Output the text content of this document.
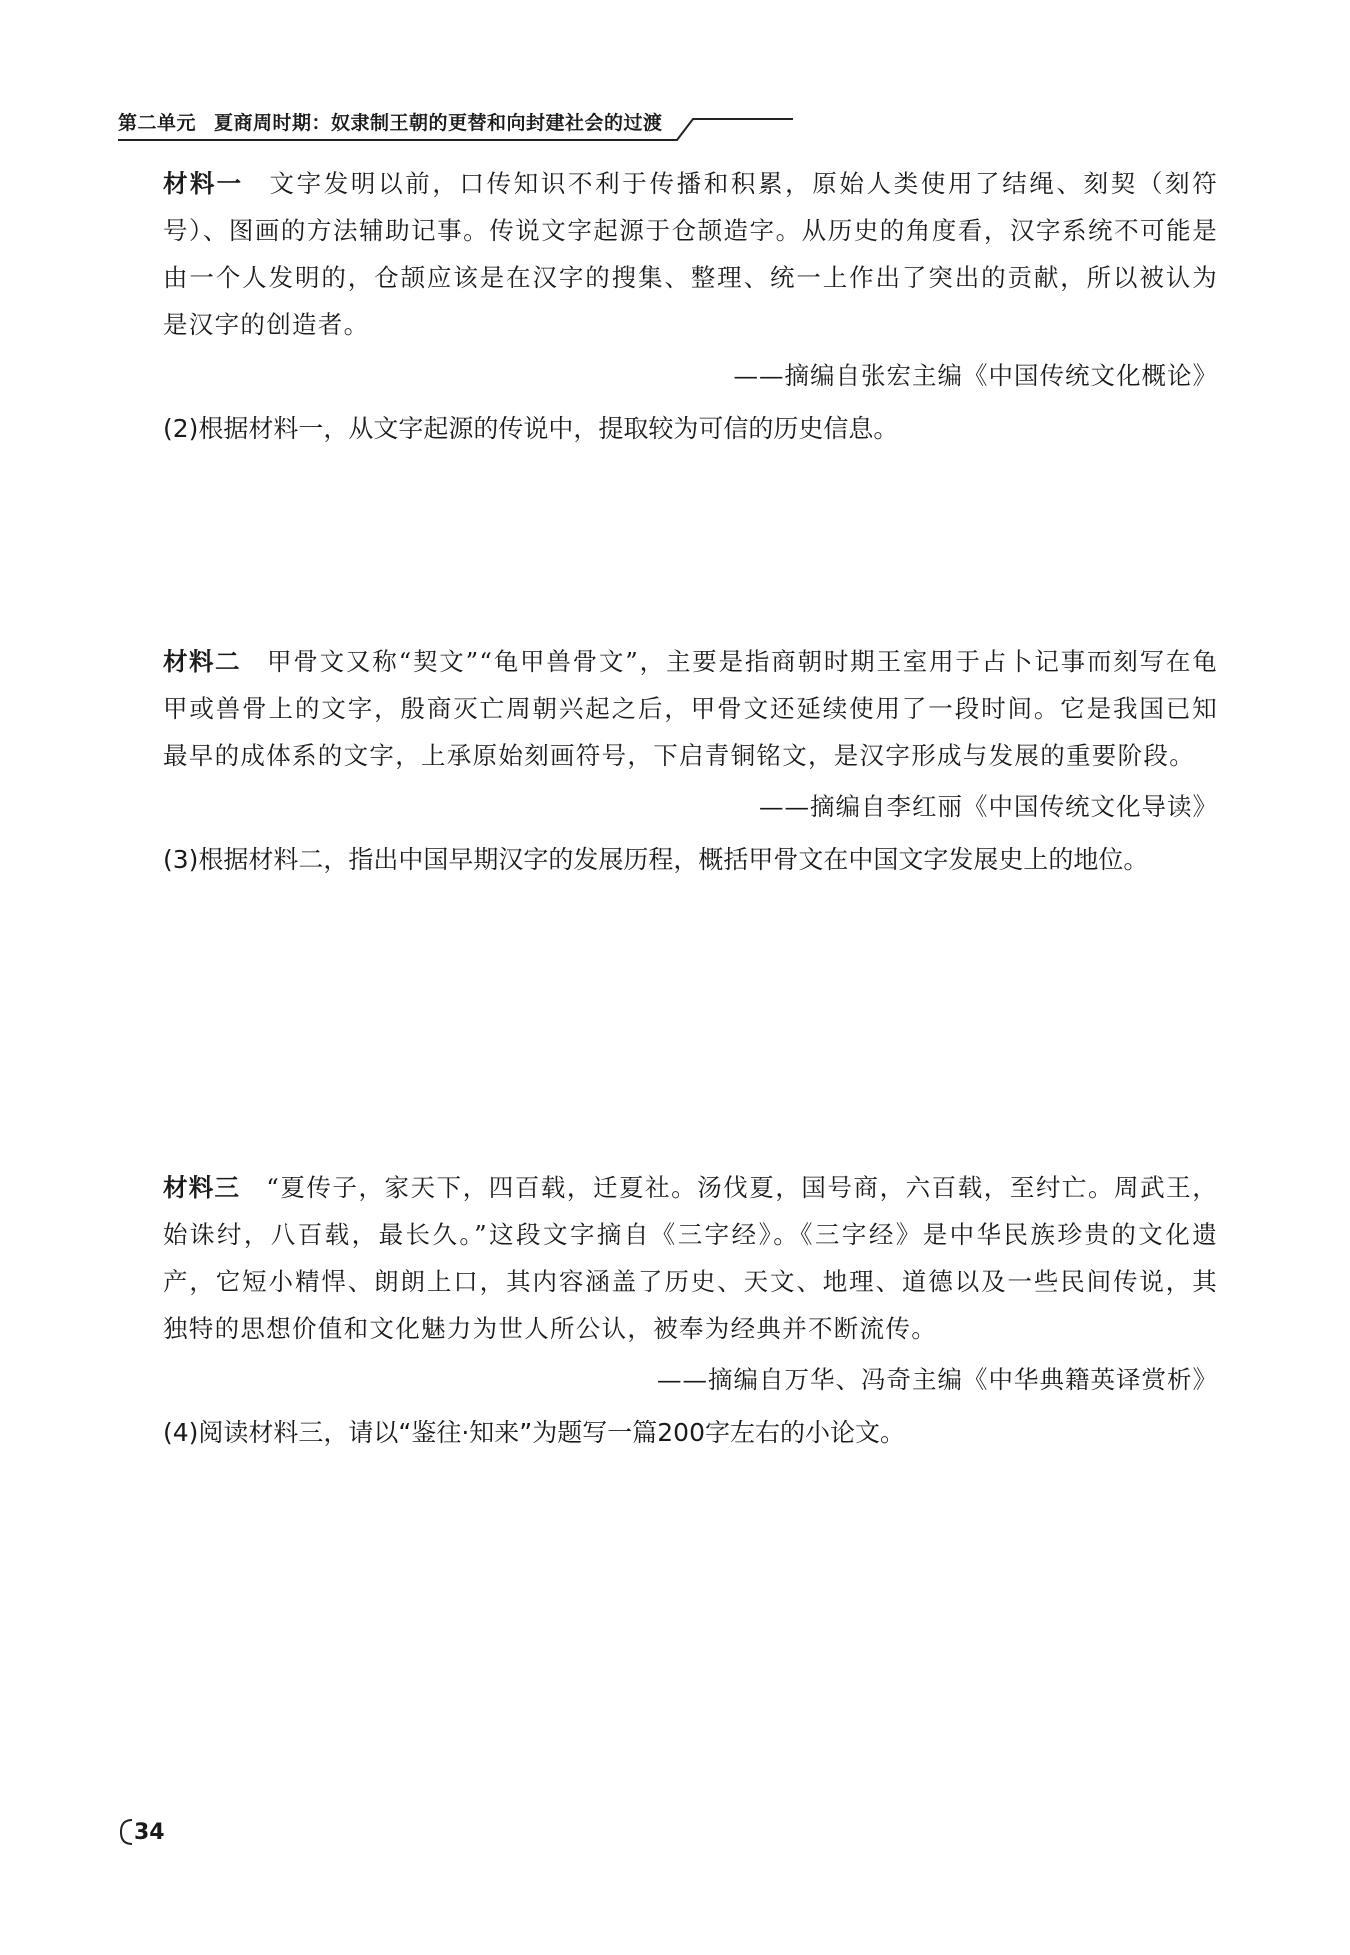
第二单元 夏商周时期：奴隶制王朝的更替和向封建社会的过渡

材料一 文字发明以前，口传知识不利于传播和积累，原始人类使用了结绳、刻契（刻符号）、图画的方法辅助记事。传说文字起源于仓颉造字。从历史的角度看，汉字系统不可能是由一个人发明的，仓颉应该是在汉字的搜集、整理、统一上作出了突出的贡献，所以被认为是汉字的创造者。

——摘编自张宏主编《中国传统文化概论》

(2)根据材料一，从文字起源的传说中，提取较为可信的历史信息。

材料二 甲骨文又称“契文”“龟甲兽骨文”，主要是指商朝时期王室用于占卜记事而刻写在龟甲或兽骨上的文字，殷商灭亡周朝兴起之后，甲骨文还延续使用了一段时间。它是我国已知最早的成体系的文字，上承原始刻画符号，下启青铜铭文，是汉字形成与发展的重要阶段。

——摘编自李红丽《中国传统文化导读》

(3)根据材料二，指出中国早期汉字的发展历程，概括甲骨文在中国文字发展史上的地位。

材料三 “夏传子，家天下，四百载，迁夏社。汤伐夏，国号商，六百载，至纣亡。周武王，始诛纣，八百载，最长久。”这段文字摘自《三字经》。《三字经》是中华民族珍贵的文化遗产，它短小精悍、朗朗上口，其内容涵盖了历史、天文、地理、道德以及一些民间传说，其独特的思想价值和文化魅力为世人所公认，被奉为经典并不断流传。

——摘编自万华、冯奇主编《中华典籍英译赏析》

(4)阅读材料三，请以“鉴往·知来”为题写一篇200字左右的小论文。

34
